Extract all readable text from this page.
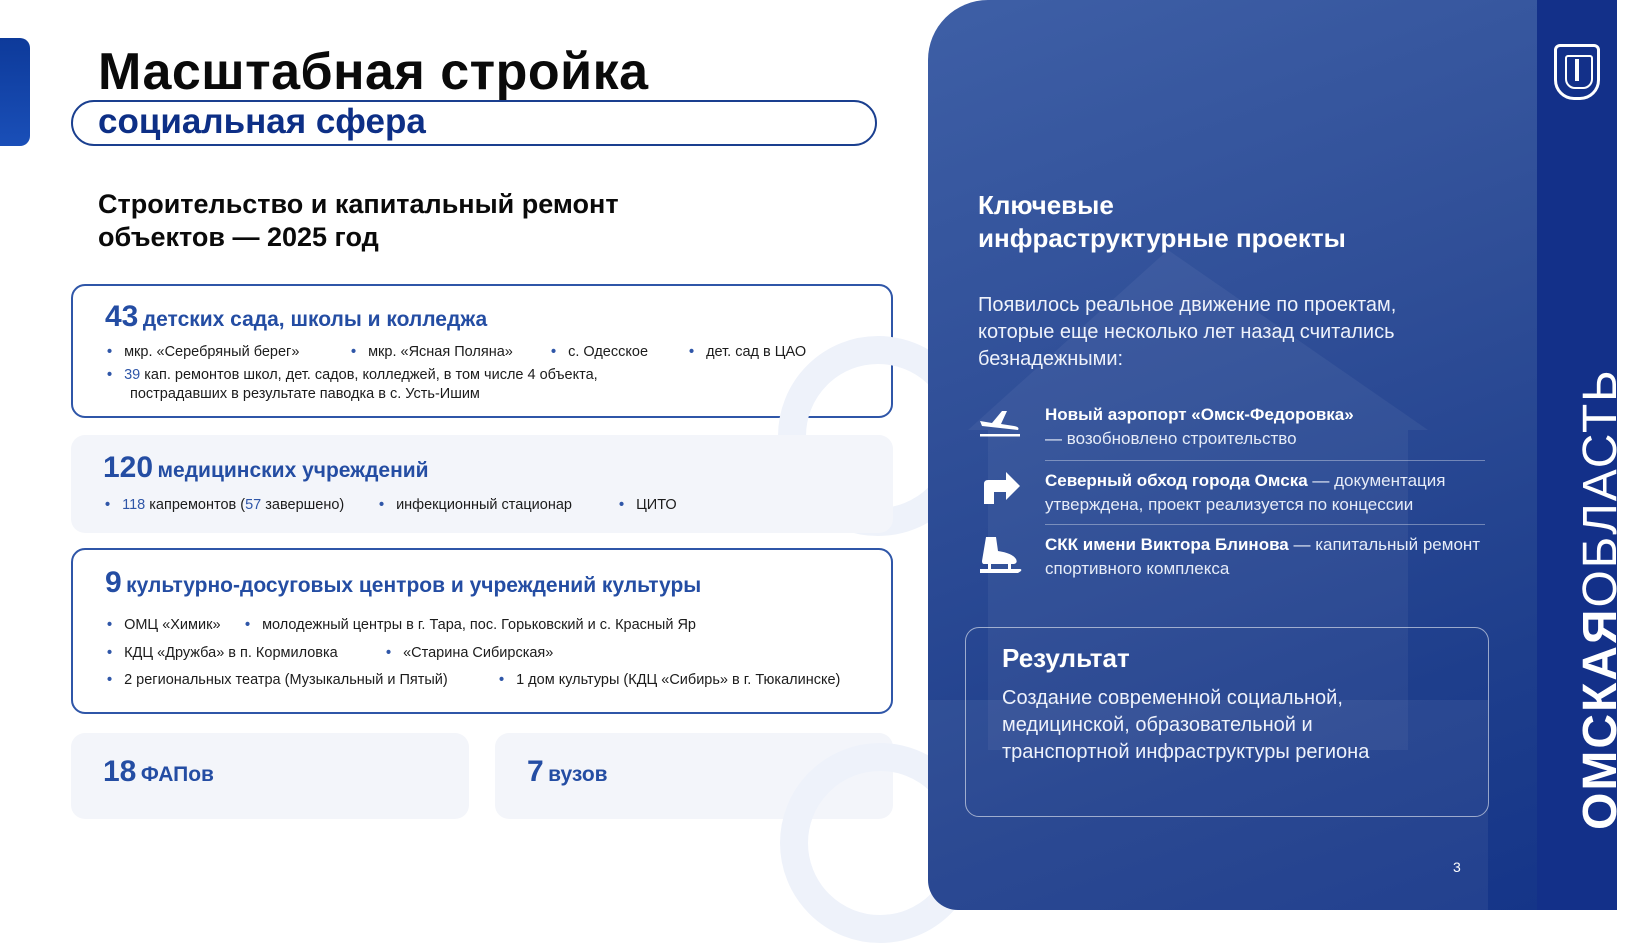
Масштабная стройка
социальная сфера
Строительство и капитальный ремонт
объектов — 2025 год
43 детских сада, школы и колледжа
• мкр. «Серебряный берег»	• мкр. «Ясная Поляна»	• с. Одесское	• дет. сад в ЦАО
• 39 кап. ремонтов школ, дет. садов, колледжей, в том числе 4 объекта,
пострадавших в результате паводка в с. Усть-Ишим
120 медицинских учреждений
• 118 капремонтов (57 завершено) • инфекционный стационар	• ЦИТО
9 культурно-досуговых центров и учреждений культуры
• ОМЦ «Химик» • молодежный центры в г. Тара, пос. Горьковский и с. Красный Яр
• КДЦ «Дружба» в п. Кормиловка	• «Старина Сибирская»
• 2 региональных театра (Музыкальный и Пятый)	• 1 дом культуры (КДЦ «Сибирь» в г. Тюкалинске)
18 ФАПов	7 вузов	ОМСКАЯОБЛАСТЬ
Ключевые
инфраструктурные проекты
Появилось реальное движение по проектам, которые еще несколько лет назад считались безнадежными:
Новый аэропорт «Омск-Федоровка»
— возобновлено строительство
Северный обход города Омска — документация утверждена, проект реализуется по концессии
СКК имени Виктора Блинова — капитальный ремонт спортивного комплекса
Результат
Создание современной социальной, медицинской, образовательной и транспортной инфраструктуры региона
3
